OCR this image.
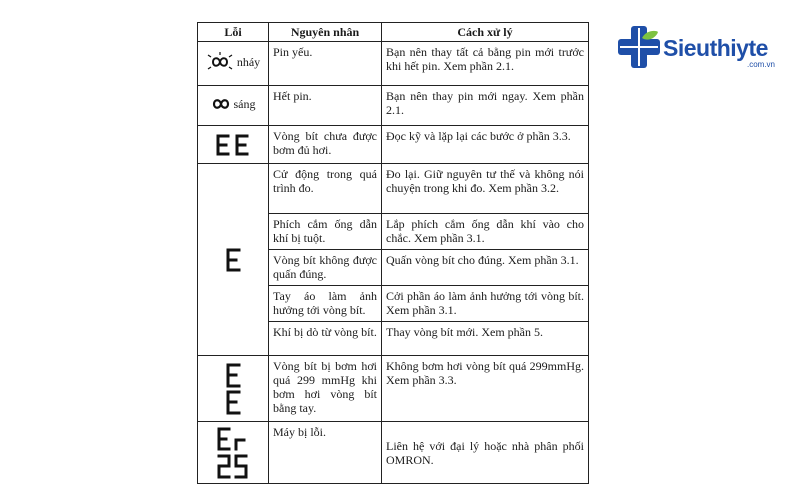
Sieuthiyte
.com.vn
Lỗi	Nguyên nhân	Cách xử lý

nháy	Pin yếu.	Bạn nên thay tất cả bằng pin mới trước khi hết pin. Xem phần 2.1.

sáng	Hết pin.	Bạn nên thay pin mới ngay. Xem phần 2.1.

	Vòng bít chưa được bơm đủ hơi.	Đọc kỹ và lặp lại các bước ở phần 3.3.

	Cử động trong quá trình đo.	Đo lại. Giữ nguyên tư thế và không nói chuyện trong khi đo. Xem phần 3.2.
	Phích cắm ống dẫn khí bị tuột.	Lắp phích cắm ống dẫn khí vào cho chắc. Xem phần 3.1.
	Vòng bít không được quấn đúng.	Quấn vòng bít cho đúng. Xem phần 3.1.
	Tay áo làm ảnh hưởng tới vòng bít.	Cởi phần áo làm ảnh hưởng tới vòng bít. Xem phần 3.1.
	Khí bị dò từ vòng bít.	Thay vòng bít mới. Xem phần 5.

	Vòng bít bị bơm hơi quá 299 mmHg khi bơm hơi vòng bít bằng tay.	Không bơm hơi vòng bít quá 299mmHg. Xem phần 3.3.

	Máy bị lỗi.	Liên hệ với đại lý hoặc nhà phân phối OMRON.
